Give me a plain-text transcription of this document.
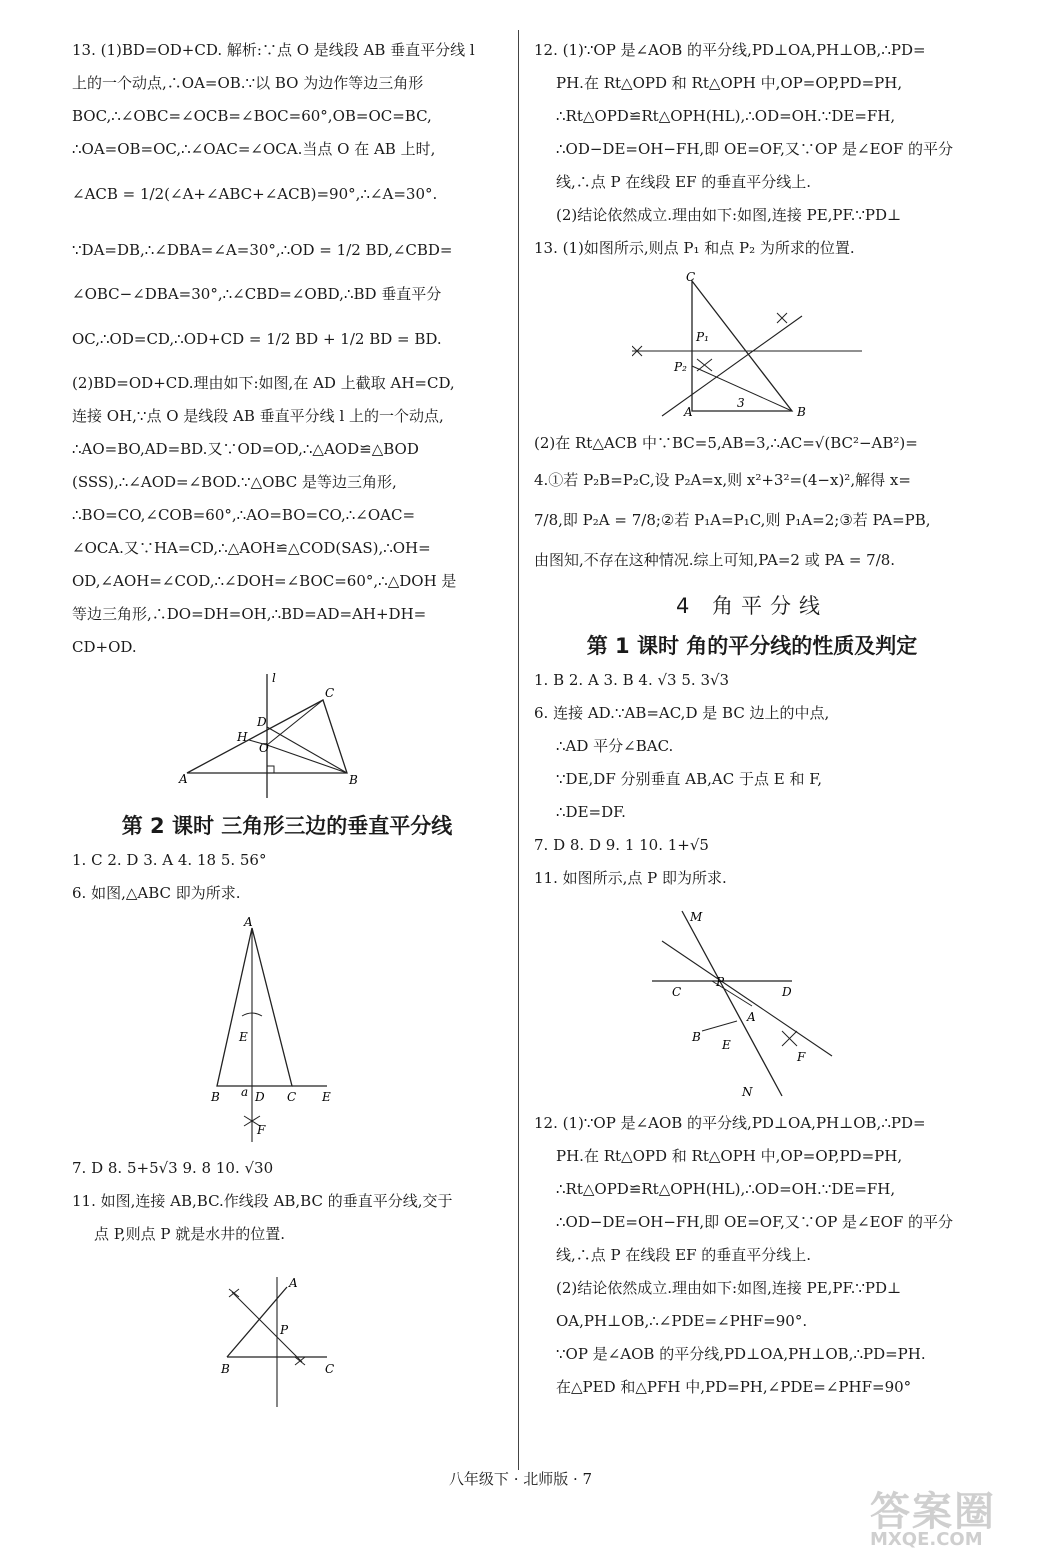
13. (1)BD=OD+CD. 解析:∵点 O 是线段 AB 垂直平分线 l
上的一个动点,∴OA=OB.∵以 BO 为边作等边三角形
BOC,∴∠OBC=∠OCB=∠BOC=60°,OB=OC=BC,
∴OA=OB=OC,∴∠OAC=∠OCA.当点 O 在 AB 上时,
∠ACB = 1/2(∠A+∠ABC+∠ACB)=90°,∴∠A=30°.
∵DA=DB,∴∠DBA=∠A=30°,∴OD = 1/2 BD,∠CBD=
∠OBC−∠DBA=30°,∴∠CBD=∠OBD,∴BD 垂直平分
OC,∴OD=CD,∴OD+CD = 1/2 BD + 1/2 BD = BD.
(2)BD=OD+CD.理由如下:如图,在 AD 上截取 AH=CD,
连接 OH,∵点 O 是线段 AB 垂直平分线 l 上的一个动点,
∴AO=BO,AD=BD.又∵OD=OD,∴△AOD≌△BOD
(SSS),∴∠AOD=∠BOD.∵△OBC 是等边三角形,
∴BO=CO,∠COB=60°,∴AO=BO=CO,∴∠OAC=
∠OCA.又∵HA=CD,∴△AOH≌△COD(SAS),∴OH=
OD,∠AOH=∠COD,∴∠DOH=∠BOC=60°,∴△DOH 是
等边三角形,∴DO=DH=OH,∴BD=AD=AH+DH=
CD+OD.
l
C
D
H
O
A	B
第 2 课时 三角形三边的垂直平分线
1. C 2. D 3. A 4. 18 5. 56°
6. 如图,△ABC 即为所求.
A
E
B a D C E
F
7. D 8. 5+5√3 9. 8 10. √30
11. 如图,连接 AB,BC.作线段 AB,BC 的垂直平分线,交于
点 P,则点 P 就是水井的位置.
A
P
B	C
12. (1)∵OP 是∠AOB 的平分线,PD⊥OA,PH⊥OB,∴PD=
PH.在 Rt△OPD 和 Rt△OPH 中,OP=OP,PD=PH,
∴Rt△OPD≌Rt△OPH(HL),∴OD=OH.∵DE=FH,
∴OD−DE=OH−FH,即 OE=OF,又∵OP 是∠EOF 的平分
线,∴点 P 在线段 EF 的垂直平分线上.
(2)结论依然成立.理由如下:如图,连接 PE,PF.∵PD⊥
13. (1)如图所示,则点 P₁ 和点 P₂ 为所求的位置.
C
P₁
P₂
A	B
3
(2)在 Rt△ACB 中∵BC=5,AB=3,∴AC=√(BC²−AB²)=
4.①若 P₂B=P₂C,设 P₂A=x,则 x²+3²=(4−x)²,解得 x=
7/8,即 P₂A = 7/8;②若 P₁A=P₁C,则 P₁A=2;③若 PA=PB,
由图知,不存在这种情况.综上可知,PA=2 或 PA = 7/8.
4 角平分线
第 1 课时 角的平分线的性质及判定
1. B 2. A 3. B 4. √3 5. 3√3
6. 连接 AD.∵AB=AC,D 是 BC 边上的中点,
∴AD 平分∠BAC.
∵DE,DF 分别垂直 AB,AC 于点 E 和 F,
∴DE=DF.
7. D 8. D 9. 1 10. 1+√5
11. 如图所示,点 P 即为所求.
M
C
P
D
A
B
E
F
N
12. (1)∵OP 是∠AOB 的平分线,PD⊥OA,PH⊥OB,∴PD=
PH.在 Rt△OPD 和 Rt△OPH 中,OP=OP,PD=PH,
∴Rt△OPD≌Rt△OPH(HL),∴OD=OH.∵DE=FH,
∴OD−DE=OH−FH,即 OE=OF,又∵OP 是∠EOF 的平分
线,∴点 P 在线段 EF 的垂直平分线上.
(2)结论依然成立.理由如下:如图,连接 PE,PF.∵PD⊥
OA,PH⊥OB,∴∠PDE=∠PHF=90°.
∵OP 是∠AOB 的平分线,PD⊥OA,PH⊥OB,∴PD=PH.
在△PED 和△PFH 中,PD=PH,∠PDE=∠PHF=90°
八年级下 · 北师版 · 7
答案圈
MXQE.COM
